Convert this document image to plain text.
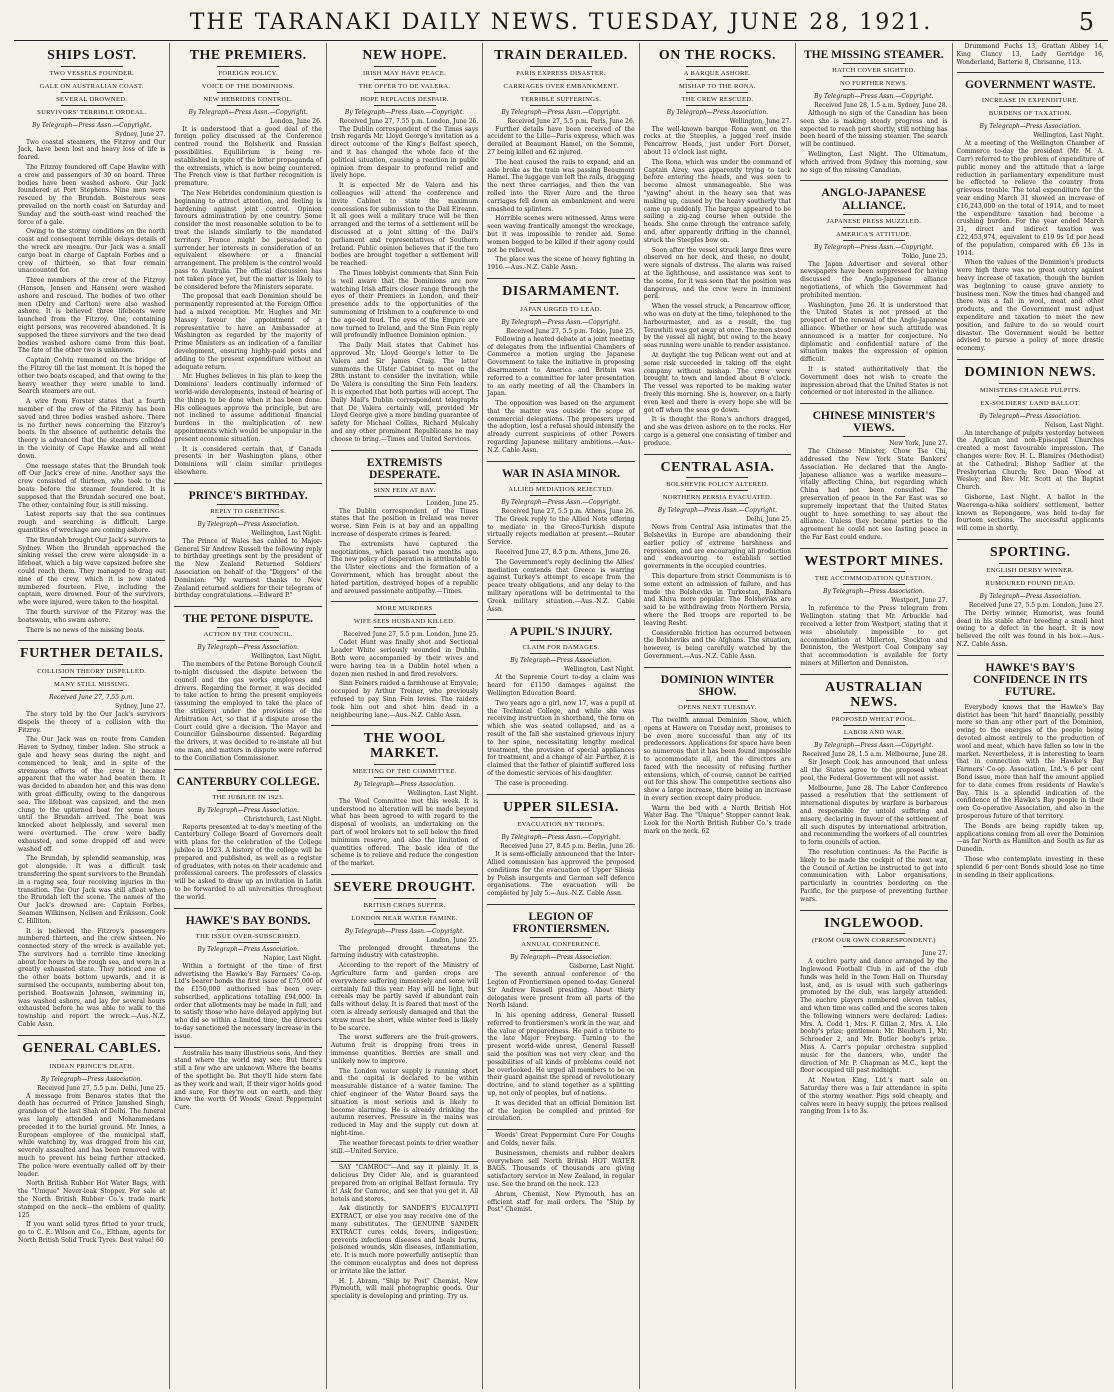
THE TARANAKI DAILY NEWS. TUESDAY, JUNE 28, 1921.	5
SHIPS LOST.
TWO VESSELS FOUNDER.
GALE ON AUSTRALIAN COAST.
SEVERAL DROWNED.
SURVIVORS' TERRIBLE ORDEAL.
By Telegraph—Press Assn.—Copyright.
Sydney, June 27.

Two coastal steamers, the Fitzroy and Our Jack, have been lost and heavy loss of life is feared.

The Fitzroy foundered off Cape Hawke with a crew and passengers of 30 on board. Three bodies have been washed ashore. Our Jack foundered at Port Stephens. Nine men were rescued by the Brundah. Boisterous seas prevailed on the north coast on Saturday and Sunday and the south-east wind reached the force of a gale.

Owing to the stormy conditions on the north coast and consequent terrible delays details of the wreck are meagre. Our Jack was a small cargo boat in charge of Captain Forbes and a crew of thirteen, so that four remain unaccounted for.

Three members of the crew of the Fitzroy (Hanson, Jensen and Hansen) were washed ashore and rescued. The bodies of two other men (Delry and Carlton) were also washed ashore. It is believed three lifeboats were launched from the Fitzroy. One, containing eight persons, was recovered abandoned. It is supposed the three survivors and the two dead bodies washed ashore came from this boat. The fate of the other two is unknown.

Captain Colvin remained on the bridge of the Fitzroy till the last moment. It is hoped the other two boats escaped, and that owing to the heavy weather they were unable to land. Search steamers are out.

A wire from Forster states that a fourth member of the crew of the Fitzroy has been saved and three bodies washed ashore. There is no further news concerning the Fitzroy's boats. In the absence of authentic details the theory is advanced that the steamers collided in the vicinity of Cape Hawke and all went down.

One message states that the Brundah took off Our Jack's crew of nine. Another says the crew consisted of thirteen, who took to the boats before the steamer foundered. It is supposed that the Brundah secured one boat. The other, containing four, is still missing.

Latest reports say that the sea continues rough and searching is difficult. Large quantities of wreckage are coming ashore.

The Brundah brought Our Jack's survivors to Sydney. When the Brundah approached the sinking vessel the crew were alongside in a lifeboat, which a big wave capsized before she could reach them. They managed to drag out nine of the crew, which it is now stated numbered fourteen. Five, including the captain, were drowned. Four of the survivors, who were injured, were taken to the hospital.

The fourth survivor of the Fitzroy was the boatswain, who swam ashore.

There is no news of the missing boats.

FURTHER DETAILS.
COLLISION THEORY DISPELLED.
MANY STILL MISSING.
Received June 27, 7.55 p.m.
Sydney, June 27.

The story told by the Our Jack's survivors dispels the theory of a collision with the Fitzroy.

The Our Jack was en route from Camden Haven to Sydney, timber laden. She struck a gale and heavy seas during the night and commenced to leak, and in spite of the strenuous efforts of the crew it became apparent that the water had beaten them. It was decided to abandon her, and this was done with great difficulty, owing to the dangerous sea. The lifeboat was capsized, and the men clung to the upturned boat for some hours until the Brundah arrived. The boat was knocked about helplessly, and several men were overturned. The crew were badly exhausted, and some dropped off and were washed off.

The Brundah, by splendid seamanship, was got alongside. It was a difficult task transferring the spent survivors to the Brundah in a raging sea, four receiving injuries in the transition. The Our Jack was still afloat when the Brundah left the scene. The names of the Our Jack's drowned are: Captain Forbes, Seaman Wilkinson, Neilsen and Eriksson. Cook C. Hilliton.

It is believed the Fitzroy's passengers numbered thirteen, and the crew sixteen. No connected story of the wreck is available yet. The survivors had a terrible time knocking about for hours in the rough sea, and were in a greatly exhausted state. They noticed one of the other boats bottom upwards, and it is surmised the occupants, numbering about ten, perished. Boatswain Johnson, swimming in, was washed ashore, and lay for several hours exhausted before he was able to walk to the township and report the wreck.—Aus.-N.Z. Cable Assn.

GENERAL CABLES.
INDIAN PRINCE'S DEATH.
By Telegraph—Press Association.
Received June 27, 5.5 p.m. Delhi, June 25.

A message from Benares states that the death has occurred of Prince Jamshed Singh, grandson of the last Shah of Delhi. The funeral was largely attended and Mohammedans preceded it to the burial ground. Mr. Innes, a European employee of the municipal staff, while watching by, was dragged from his car, severely assaulted and has been removed with much to prevent his being further attacked. The police were eventually called off by their leader.

North British Rubber Hot Water Bags, with the "Unique" Never-leak Stopper. For sale at the North British Rubber Co.'s trade mark stamped on the neck—the emblem of quality. 125

If you want solid tyres fitted to your truck, go to C. E. Wilson and Co., Eltham, agents for North British Solid Truck Tyres. Best value! 60

THE PREMIERS.
FOREIGN POLICY.
VOICE OF THE DOMINIONS.
NEW HEBRIDES CONTROL.
By Telegraph—Press Assn.—Copyright.
London, June 26.

It is understood that a good deal of the foreign policy discussed at the Conference centred round the Bolshevik and Russian possibilities. Equilibrium is being re-established in spite of the bitter propaganda of the extremists, which is now being countered. The French view is that further recognition is premature.

The New Hebrides condominium question is beginning to attract attention, and feeling is hardening against joint control. Opinion favours administration by one country. Some consider the most reasonable solution to be to treat the islands similarly to the mandated territory. France might be persuaded to surrender her interests in consideration of an equivalent elsewhere or a financial arrangement. The problem is the control would pass to Australia. The official discussion has not taken place yet, but the matter is likely to be considered before the Ministers separate.

The proposal that each Dominion should be permanently represented at the Foreign Office had a mixed reception. Mr. Hughes and Mr. Massey favour the appointment of a representative to have an Ambassador at Washington as regarded by the majority of Prime Ministers as an indication of a familiar development, ensuring highly-paid posts and adding to the present expenditure without an adequate return.

Mr. Hughes believes in his plan to keep the Dominions' leaders continually informed of world-wide developments, instead of hearing of the things to be done when it has been done. His colleagues approve the principle, but are not inclined to assume additional financial burdens in the multiplication of new appointments which would be unpopular in the present economic situation.

It is considered certain that, if Canada presents in her Washington plans, other Dominions will claim similar privileges elsewhere.

PRINCE'S BIRTHDAY.
REPLY TO GREETINGS.
By Telegraph—Press Association.
Wellington, Last Night.

The Prince of Wales has cabled to Major-General Sir Andrew Russell the following reply to birthday greetings sent by the president of the New Zealand Returned Soldiers' Association on behalf of the "Diggers" of the Dominion: "My warmest thanks to New Zealand returned soldiers for their telegram of birthday congratulations.—Edward P."

THE PETONE DISPUTE.
ACTION BY THE COUNCIL.
By Telegraph—Press Association.
Wellington, Last Night.

The members of the Petone Borough Council to-night discussed the dispute between the council and the gas works employees and drivers. Regarding the former, it was decided to take action to bring the present employees (assuming the employed to take the place of the strikers) under the provisions of the Arbitration Act, so that if a dispute arose the Court could give a decision. The Mayor and Councillor Gainsbourne dissented. Regarding the drivers, it was decided to re-instate all but one man, and matters in dispute were referred to the Conciliation Commissioner.

CANTERBURY COLLEGE.
THE JUBILEE IN 1923.
By Telegraph—Press Association.
Christchurch, Last Night.

Reports presented at to-day's meeting of the Canterbury College Board of Governors dealt with plans for the celebration of the College jubilee in 1923. A history of the college will be prepared and published, as well as a register of graduates, with notes on their academic and professional careers. The professors of classics will be asked to draw up an invitation in Latin to be forwarded to all universities throughout the world.

HAWKE'S BAY BONDS.
THE ISSUE OVER-SUBSCRIBED.
By Telegraph—Press Association.
Napier, Last Night.

Within a fortnight of the time of first advertising the Hawke's Bay Farmers' Co-op. Ltd's bearer bonds the first issue of £75,000 of the £150,000 authorised has been over-subscribed, applications totalling £94,000. In order that allotments may be made in full, and to satisfy those who have delayed applying but who did so within a limited time, the directors to-day sanctioned the necessary increase in the issue.

Australia has many illustrious sons, And they stand where the world may see; But there's still a few who are unknown Where the beams of the spotlight be. But they'll hide stern fate as they work and wait, If their vigor holds good and sure, For they're out on earth, and they know the worth Of Woods' Great Peppermint Cure.

NEW HOPE.
IRISH MAY HAVE PEACE.
THE OFFER TO DE VALERA.
HOPE REPLACES DESPAIR.
By Telegraph—Press Assn.—Copyright.
Received June 27, 7.55 p.m. London, June 26.

The Dublin correspondent of the Times says Irish regards Mr. Lloyd George's invitation as a direct outcome of the King's Belfast speech, and it has changed the whole face of the political situation, causing a reaction in public opinion from despair to profound relief and lively hope.

It is expected Mr de Valera and his colleagues will attend the conference and invite Cabinet to state the maximum concessions for submission to the Dail Eireann. It all goes well a military truce will be then arranged and the terms of a settlement will be discussed at a joint sitting of the Dail's parliament and representatives of Southern Ireland. Public opinion believes that if the two bodies are brought together a settlement will be reached.

The Times lobbyist comments that Sinn Fein is well aware that the Dominions are now watching Irish affairs closer range through the eyes of their Premiers in London, and their presence adds to the opportunities of the summoning of Irishmen to a conference to end the age-old feud. The eyes of the Empire are now turned to Ireland, and the Sinn Fein reply will profoundly influence Dominion opinion.

The Daily Mail states that Cabinet has approved Mr. Lloyd George's letter to De Valera and Sir James Craig. The latter summons the Ulster Cabinet to meet on the 28th instant to consider the invitation, while De Valera is consulting the Sinn Fein leaders. It is expected that both parties will accept. The Daily Mail's Dublin correspondent telegraphs that De Valera certainly will, provided Mr Lloyd George give a more binding guarantee of safety for Michael Collins, Richard Mulcahy and any other prominent Republicans he may choose to bring.—Times and United Services.

EXTREMISTS DESPERATE.
SINN FEIN AT BAY.
London, June 25.

The Dublin correspondent of the Times states that the position in Ireland was never worse. Sinn Fein is at bay and an appalling increase of desperate crimes is feared.

The extremists have captured the negotiations, which passed two months ago. The new policy of desperation is attributable to the Ulster elections and the formation of a Government, which has brought about the hated partition, destroyed hopes of a republic and aroused passionate antipathy.—Times.

MORE MURDERS
WIFE SEES HUSBAND KILLED.
Received June 27, 5.5 p.m. London, June 25.

Cadet Hunt was finally shot and Sectional Leader White seriously wounded in Dublin. Both were accompanied by their wives and were having tea in a Dublin hotel when a dozen men rushed in and fired revolvers.

Sinn Feiners raided a farmhouse at Emyvale, occupied by Arthur Treiner, who previously refused to pay Sinn Fein levies. The raiders took him out and shot him dead in a neighbouring lane.—Aus.-N.Z. Cable Assn.

THE WOOL MARKET.
MEETING OF THE COMMITTEE.
By Telegraph—Press Association.
Wellington, Last Night.

The Wool Committee met this week. It is understood no alteration will be made beyond what has been agreed to with regard to the disposal of woolists, an undertaking on the part of wool brokers not to sell below the fixed minimum reserve, and also the limitation of quantities offered. The basic idea of the scheme is to relieve and reduce the congestion of the market.

SEVERE DROUGHT.
BRITISH CROPS SUFFER.
LONDON NEAR WATER FAMINE.
By Telegraph—Press Assn.—Copyright.
London, June 25.

The prolonged drought threatens the farming industry with catastrophe.

According to the report of the Ministry of Agriculture farm and garden crops are everywhere suffering immensely and some will certainly fail this year. Hay will be light, but cereals may be partly saved if abundant rain falls without delay. It is feared that most of the corn is already seriously damaged and that the straw must be short, while winter feed is likely to be scarce.

The worst sufferers are the fruit-growers. Autumn fruit is dropping from trees in immense quantities. Berries are small and unlikely now to improve.

The London water supply is running short and the capital is declared to be within measurable distance of a water famine. The chief engineer of the Water Board says the situation is most serious and is likely to become alarming. He is already drinking the autumn reserves. Pressure in the mains was reduced in May and the supply cut down at night-time.

The weather forecast points to drier weather still.—United Service.

SAY "CAMROC"—And say it plainly. It is delicious Dry Cider Ale, and is guaranteed prepared from an original Belfast formula. Try it! Ask for Camroc, and see that you get it. All hotels and stores.

Ask distinctly for SANDER'S EUCALYPTI EXTRACT, or else you may receive one of the many substitutes. The GENUINE SANDER EXTRACT cures colds, fevers, indigestion; prevents infectious diseases and heals burns, poisoned wounds, skin diseases, inflammation, etc. It is much more powerfully antiseptic than the common eucalyptus and does not depress or irritate like the latter.

H. J. Abram, "Ship by Post" Chemist, New Plymouth, will mail photographic goods. Our speciality is developing and printing. Try us.

TRAIN DERAILED.
PARIS EXPRESS DISASTER.
CARRIAGES OVER EMBANKMENT.
TERRIBLE SUFFERINGS.
By Telegraph—Press Assn.—Copyright.
Received June 27, 5.5 p.m. Paris, June 26.

Further details have been received of the accident to the Lille—Paris express, which was derailed at Beaumont Hamel, on the Somme, 27 being killed and 62 injured.

The heat caused the rails to expand, and an axle broke as the train was passing Beaumont Hamel. The luggage van left the rails, dragging the next three carriages, and then the van rolled into the River Aure and the three carriages fell down an embankment and were smashed to splinters.

Horrible scenes were witnessed. Arms were seen waving frantically amongst the wreckage, but it was impossible to render aid. Some women begged to be killed if their agony could not be relieved.

The place was the scene of heavy fighting in 1916.—Aus.-N.Z. Cable Assn.

DISARMAMENT.
JAPAN URGED TO LEAD.
By Telegraph—Press Assn.—Copyright.
Received June 27, 5.5 p.m. Tokio, June 25.

Following a heated debate at a joint meeting of delegates from the influential Chambers of Commerce a motion urging the Japanese Government to take the initiative in proposing disarmament to America and Britain was referred to a committee for later presentation to an early meeting of all the Chambers in Japan.

The opposition was based on the argument that the matter was outside the scope of commercial delegations. The proposers urged the adoption, lest a refusal should intensify the already current suspicions of other Powers regarding Japanese military ambitions.—Aus.-N.Z. Cable Assn.

WAR IN ASIA MINOR.
ALLIED MEDIATION REJECTED.
By Telegraph—Press Assn.—Copyright.
Received June 27, 5.5 p.m. Athens, June 26.

The Greek reply to the Allied Note offering to mediate in the Greco-Turkish dispute virtually rejects mediation at present.—Reuter Service.

Received June 27, 8.5 p.m. Athens, June 26.

The Government's reply declining the Allies' mediation contends that Greece is warring against Turkey's attempt to escape from the peace treaty obligations, and any delay to the military operations will be detrimental to the Greek military situation.—Aus.-N.Z. Cable Assn.

A PUPIL'S INJURY.
CLAIM FOR DAMAGES.
By Telegraph—Press Association.
Wellington, Last Night.

At the Supreme Court to-day a claim was heard for £1150 damages against the Wellington Education Board.

Two years ago a girl, now 17, was a pupil at the Technical College, and while she was receiving instruction in shorthand, the form on which she was seated collapsed, and as a result of the fall she sustained grievous injury to her spine, necessitating lengthy medical treatment, the provision of special appliances for treatment, and a change of air. Further, it is claimed that the father of plaintiff suffered loss of the domestic services of his daughter.

The case is proceeding.

UPPER SILESIA.
EVACUATION BY TROOPS.
By Telegraph—Press Assn.—Copyright.
Received June 27, 8.45 p.m. Berlin, June 26.

It is semi-officially announced that the Inter-Allied commission has approved the proposed conditions for the evacuation of Upper Silesia by Polish insurgents and German self defence organisations. The evacuation will be completed by July 5.—Aus.-N.Z. Cable Assn.

LEGION OF FRONTIERSMEN.
ANNUAL CONFERENCE.
By Telegraph—Press Association.
Gisborne, Last Night.

The seventh annual conference of the Legion of Frontiersmen opened to-day. General Sir Andrew Russell presiding. About thirty delegates were present from all parts of the North Island.

In his opening address, General Russell referred to frontiersmen's work in the war, and the value of preparedness. He paid a tribute to the late Major Freyberg. Turning to the present world-wide unrest, General Russell said the position was not very clear, and the possibilities of all kinds of problems could not be overlooked. He urged all members to be on their guard against the spread of revolutionary doctrine, and to stand together as a splitting up, not only of peoples, but of nations.

It was decided that an official Dominion list of the legion be compiled and printed for circulation.

Woods' Great Peppermint Cure For Coughs and Colds, never fails.

Businessmen, chemists and rubber dealers everywhere sell North British HOT WATER BAGS. Thousands of thousands are giving satisfactory service in New Zealand, in regular use. See the brand on the neck. 123

Abram, Chemist, New Plymouth, has an efficient staff for mail orders. The "Ship by Post" Chemist.

ON THE ROCKS.
A BARQUE ASHORE.
MISHAP TO THE RONA.
THE CREW RESCUED.
By Telegraph—Press Association.
Wellington, June 27.

The well-known barque Rona went on the rocks at the Steeples, a jagged reef inside Pencarrow Heads, just under Fort Dorset, about 11 o'clock last night.

The Rona, which was under the command of Captain Airey, was apparently trying to tack before entering the heads, and was seen to become almost unmanageable. She was "yawing" about in the heavy sea that was making up, caused by the heavy southerly that came up suddenly. The barque appeared to be sailing a zig-zag course when outside the heads. She came through the entrance safely, and, after apparently drifting in the channel, struck the Steeples bow on.

Soon after the vessel struck large fires were observed on her deck, and these, no doubt, were signals of distress. The alarm was raised at the lighthouse, and assistance was sent to the scene, for it was seen that the position was dangerous, and the crew were in imminent peril.

When the vessel struck, a Pencarrow officer, who was on duty at the time, telephoned to the harbourmaster, and as a result, the tug Terawhiti was got away at once. The men stood by the vessel all night, but owing to the heavy seas running were unable to render assistance.

At daylight the tug Pelican went out and at some risk succeeded in taking off the eight company without mishap. The crew were brought to town and landed about 8 o'clock. The vessel was reported to be making water freely this morning. She is, however, on a fairly even keel and there is every hope she will be got off when the seas go down.

It is thought the Rona's anchors dragged, and she was driven ashore on to the rocks. Her cargo is a general one consisting of timber and produce.

CENTRAL ASIA.
BOLSHEVIK POLICY ALTERED.
NORTHERN PERSIA EVACUATED.
By Telegraph—Press Assn.—Copyright.
Delhi, June 25.

News from Central Asia intimates that the Bolsheviks in Europe are abandoning their earlier policy of extreme harshness and repression, and are encouraging all production and endeavouring to establish settled governments in the occupied countries.

This departure from strict Communism is to some extent an admission of failure, and has made the Bolsheviks in Turkestan, Bokhara and Khiva more popular. The Bolsheviks are said to be withdrawing from Northern Persia, where the Red troops are reported to be leaving Resht.

Considerable friction has occurred between the Bolsheviks and the Afghans. The situation, however, is being carefully watched by the Government.—Aus.-N.Z. Cable Assn.

DOMINION WINTER SHOW.
OPENS NEXT TUESDAY.

The twelfth annual Dominion Show, which opens at Hawera on Tuesday next, promises to be even more successful than any of its predecessors. Applications for space have been so numerous that it has been found impossible to accommodate all, and the directors are faced with the necessity of refusing further extensions, which, of course, cannot be carried out for this show. The competitive sections also show a large increase, there being an increase in every section except dairy produce.

Warm the bed with a North British Hot Water Bag. The "Unique" Stopper cannot leak. Look for the North British Rubber Co.'s trade mark on the neck. 62

THE MISSING STEAMER.
HATCH COVER SIGHTED.
NO FURTHER NEWS.
By Telegraph—Press Assn.—Copyright.
Received June 28, 1.5 a.m. Sydney, June 28.

Although no sign of the Canadian has been seen she is making steady progress and is expected to reach port shortly, still nothing has been heard of the missing steamer. The search will be continued.

Wellington, Last Night. The Ultimatum, which arrived from Sydney this morning, saw no sign of the missing Canadian.

ANGLO-JAPANESE ALLIANCE.
JAPANESE PRESS MUZZLED.
AMERICA'S ATTITUDE.
By Telegraph—Press Assn.—Copyright.
Tokio, June 25.

The Japan Advertiser and several other newspapers have been suppressed for having discussed the Anglo-Japanese alliance negotiations, of which the Government had prohibited mention.

Washington, June 26. It is understood that the United States is not pressed at the prospect of the renewal of the Anglo-Japanese alliance. Whether or how such attitude was announced is a matter for conjecture. No diplomatic and confidential nature of the situation makes the expression of opinion difficult.

It is stated authoritatively that the Government does not wish to create the impression abroad that the United States is not concerned or not interested in the alliance.

CHINESE MINISTER'S VIEWS.
New York, June 27.

The Chinese Minister, Chow Tse Chi, addressed the New York State Bankers' Association. He declared that the Anglo-Japanese alliance was a warlike measure—vitally affecting China, but regarding which China had not been consulted. The preservation of peace in the Far East was so supremely important that the United States ought to have something to say about the alliance. Unless they became parties to the agreement he could not see lasting peace in the Far East could endure.

WESTPORT MINES.
THE ACCOMMODATION QUESTION.
By Telegraph—Press Association.
Westport, June 27.

In reference to the Press telegram from Wellington stating that Mr. Arbuckle had received a letter from Westport, stating that it was absolutely impossible to get accommodation at Millerton, Stockton and Denniston, the Westport Coal Company say that accommodation is available for forty miners at Millerton and Denniston.

AUSTRALIAN NEWS.
PROPOSED WHEAT POOL.
LABOR AND WAR.
By Telegraph—Press Assn.—Copyright.
Received June 28, 1.5 a.m. Melbourne, June 28.

Sir Joseph Cook has announced that unless all the States agree to the proposed wheat pool, the Federal Government will not assist.

Melbourne, June 28. The Labor Conference passed a resolution that the settlement of international disputes by warfare is barbarous and responsible for untold suffering and misery, declaring in favour of the settlement of all such disputes by international arbitration, and recommending the workers of all countries to form councils of action.

The resolution continues: As the Pacific is likely to be made the cockpit of the next war, the Council of Action be instructed to get into communication with Labor organisations, particularly in countries bordering on the Pacific, for the purpose of preventing further wars.

INGLEWOOD.
(FROM OUR OWN CORRESPONDENT.)
June 27.

A euchre party and dance arranged by the Inglewood Football Club in aid of the club funds was held in the Town Hall on Thursday last, and, as is usual with such gatherings promoted by the club, was largely attended. The euchre players numbered eleven tables, and when time was called and the scores taken the following winners were declared: Ladies: Mrs. A. Codd 1, Mrs. F. Gillan 2, Mrs. A. Lilo booby's prize; gentlemen: Mr. Bleuhorn 1, Mr. Schroeder 2, and Mr. Butler booby's prize. Miss A. Carr's popular orchestra supplied music for the dancers, who, under the direction of Mr. P. Chapman as M.C., kept the floor occupied till past midnight.

At Newton King, Ltd.'s mart sale on Saturday there was a fair attendance in spite of the stormy weather. Pigs sold cheaply, and calves were in heavy supply, the prices realised ranging from 1s to 3s.

Drummond Fuchs 13, Grattan Abbey 14, King Clancy 13, Lady Gerridge 16, Wonderland, Batterie 8, Chrisanne, 113.

GOVERNMENT WASTE.
INCREASE IN EXPENDITURE.
BURDENS OF TAXATION.
By Telegraph—Press Association.
Wellington, Last Night.

At a meeting of the Wellington Chamber of Commerce to-day the president (Mr. M. A. Carr) referred to the problem of expenditure of public money and the attitude that a large reduction in parliamentary expenditure must be effected to relieve the country from grievous trouble. The total expenditure for the year ending March 31 showed an increase of £16,243,000 on the total of 1914, and to meet the expenditure taxation had become a crushing burden. For the year ended March 31, direct and indirect taxation was £22,453,974, equivalent to £19 9s 1d per head of the population, compared with £6 13s in 1914.

When the values of the Dominion's products were high there was no great outcry against heavy increase of taxation, though the burden was beginning to cause grave anxiety to business men. Now the times had changed and there was a fall in wool, meat and other products, and the Government must adjust expenditure and taxation to meet the new position, and failure to do so would court disaster. The Government would be better advised to pursue a policy of more drastic economy.

DOMINION NEWS.
MINISTERS CHANGE PULPITS.
EX-SOLDIERS' LAND BALLOT.
By Telegraph—Press Association.
Nelson, Last Night.

An interchange of pulpits yesterday between the Anglican and non-Episcopal Churches created a most favourable impression. The changes were: Rev. H. L. Blamires (Methodist) at the Cathedral; Bishop Sadlier at the Presbyterian Church; Rev. Dean Wood at Wesley; and Rev. Mr. Scott at the Baptist Church.

Gisborne, Last Night. A ballot in the Waerenga-a-hika soldiers' settlement, better known as Repongaere, was held to-day for fourteen sections. The successful applicants will come in shortly.

SPORTING.
ENGLISH DERBY WINNER.
RUMOURED FOUND DEAD.
By Telegraph—Press Association.
Received June 27, 5.5 p.m. London, June 27.

The Derby winner, Humorist, was found dead in his stable after breeding a small heat owing to a defect in the heart. It is now believed the colt was found in his box.—Aus.-N.Z. Cable Assn.

HAWKE'S BAY'S CONFIDENCE IN ITS FUTURE.

Everybody knows that the Hawke's Bay district has been "hit hard" financially, possibly more so than any other part of the Dominion, owing to the energies of the people being devoted almost entirely to the production of wool and meat, which have fallen so low in the market. Nevertheless, it is interesting to learn that in connection with the Hawke's Bay Farmers' Co-op. Association, Ltd.'s 6 per cent Bond issue, more than half the amount applied for to date comes from residents of Hawke's Bay. This is a splendid indication of the confidence of the Hawke's Bay people in their own Co-operative Association, and also in the prosperous future of that territory.

The Bonds are being rapidly taken up, applications coming from all over the Dominion—as far North as Hamilton and South as far as Dunedin.

Those who contemplate investing in these splendid 6 per cent Bonds should lose no time in sending in their applications.
